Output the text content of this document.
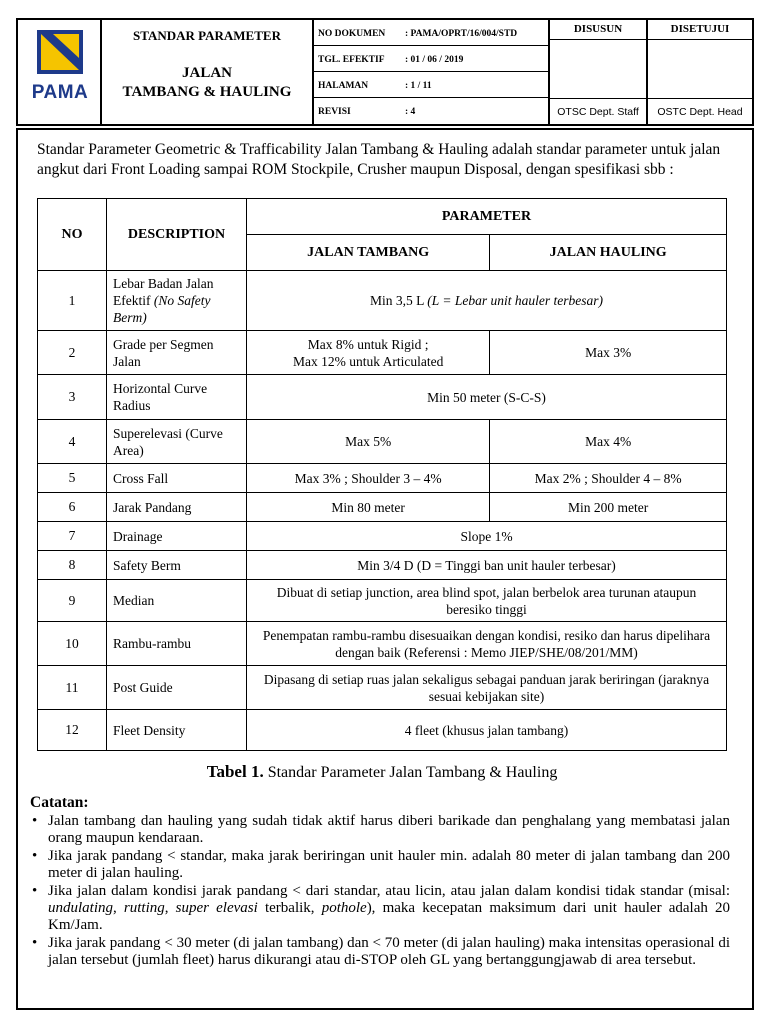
PAMA
STANDAR PARAMETER
JALAN
TAMBANG & HAULING
NO DOKUMEN : PAMA/OPRT/16/004/STD
TGL. EFEKTIF : 01 / 06 / 2019
HALAMAN	: 1 / 11
REVISI	: 4
DISUSUN
OTSC Dept. Staff
DISETUJUI
OSTC Dept. Head
Standar Parameter Geometric & Trafficability Jalan Tambang & Hauling adalah standar parameter untuk jalan angkut dari Front Loading sampai ROM Stockpile, Crusher maupun Disposal, dengan spesifikasi sbb :
NO	DESCRIPTION	PARAMETER	
		JALAN TAMBANG	JALAN HAULING
1	Lebar Badan Jalan Efektif (No Safety Berm)	Min 3,5 L (L = Lebar unit hauler terbesar)	
2	Grade per Segmen Jalan	Max 8% untuk Rigid ;
Max 12% untuk Articulated	Max 3%
3	Horizontal Curve Radius	Min 50 meter (S-C-S)	
4	Superelevasi (Curve Area)	Max 5%	Max 4%
5	Cross Fall	Max 3% ; Shoulder 3 – 4%	Max 2% ; Shoulder 4 – 8%
6	Jarak Pandang	Min 80 meter	Min 200 meter
7	Drainage	Slope 1%	
8	Safety Berm	Min 3/4 D (D = Tinggi ban unit hauler terbesar)	
9	Median	Dibuat di setiap junction, area blind spot, jalan berbelok area turunan ataupun beresiko tinggi	
10	Rambu-rambu	Penempatan rambu-rambu disesuaikan dengan kondisi, resiko dan harus dipelihara dengan baik (Referensi : Memo JIEP/SHE/08/201/MM)	
11	Post Guide	Dipasang di setiap ruas jalan sekaligus sebagai panduan jarak beriringan (jaraknya sesuai kebijakan site)	
12	Fleet Density	4 fleet (khusus jalan tambang)	
Tabel 1. Standar Parameter Jalan Tambang & Hauling
Catatan:
• Jalan tambang dan hauling yang sudah tidak aktif harus diberi barikade dan penghalang yang membatasi jalan orang maupun kendaraan.
• Jika jarak pandang < standar, maka jarak beriringan unit hauler min. adalah 80 meter di jalan tambang dan 200 meter di jalan hauling.
• Jika jalan dalam kondisi jarak pandang < dari standar, atau licin, atau jalan dalam kondisi tidak standar (misal: undulating, rutting, super elevasi terbalik, pothole), maka kecepatan maksimum dari unit hauler adalah 20 Km/Jam.
• Jika jarak pandang < 30 meter (di jalan tambang) dan < 70 meter (di jalan hauling) maka intensitas operasional di jalan tersebut (jumlah fleet) harus dikurangi atau di-STOP oleh GL yang bertanggungjawab di area tersebut.
